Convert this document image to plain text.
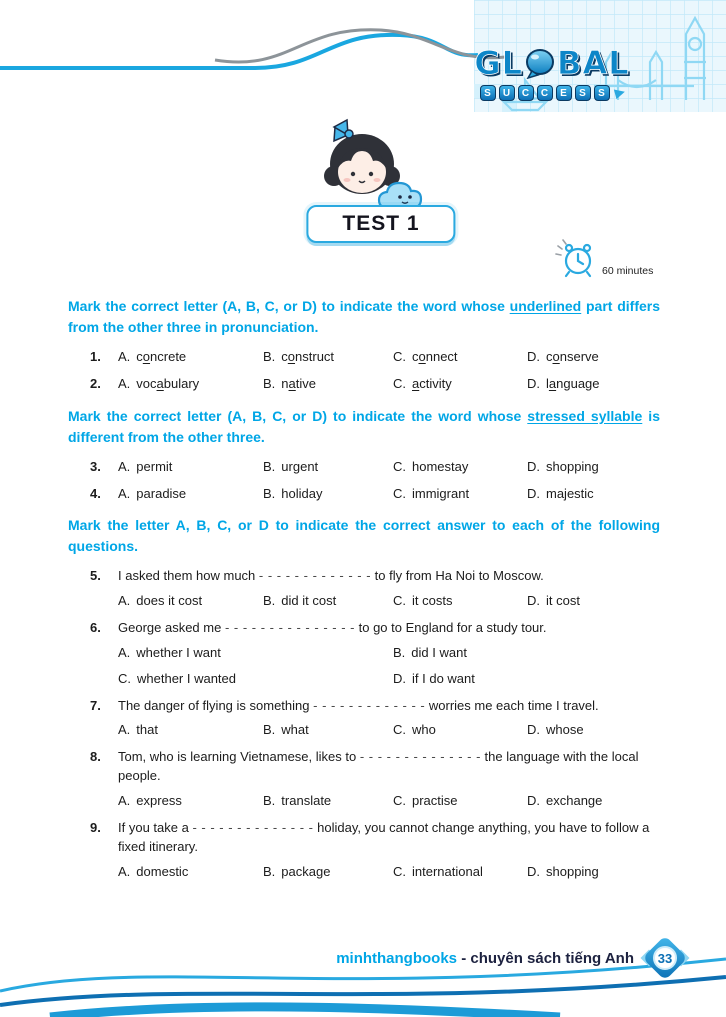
GL BAL
S	U	C	C	E	S	S
TEST 1
60 minutes

Mark the correct letter (A, B, C, or D) to indicate the word whose underlined part differs from the other three in pronunciation.

1.	A. concrete	B. construct	C. connect	D. conserve
2.	A. vocabulary	B. native	C. activity	D. language

Mark the correct letter (A, B, C, or D) to indicate the word whose stressed syllable is different from the other three.

3.	A. permit	B. urgent	C. homestay	D. shopping
4.	A. paradise	B. holiday	C. immigrant	D. majestic

Mark the letter A, B, C, or D to indicate the correct answer to each of the following questions.

5.	I asked them how much - - - - - - - - - - - - - to fly from Ha Noi to Moscow.

A. does it cost	B. did it cost	C. it costs	D. it cost
6.	George asked me - - - - - - - - - - - - - - - to go to England for a study tour.

A. whether I want	B. did I want
C. whether I wanted	D. if I do want
7.	The danger of flying is something - - - - - - - - - - - - - worries me each time I travel.

A. that	B. what	C. who	D. whose
8.	Tom, who is learning Vietnamese, likes to - - - - - - - - - - - - - - the language with the local people.

A. express	B. translate	C. practise	D. exchange
9.	If you take a - - - - - - - - - - - - - - holiday, you cannot change anything, you have to follow a fixed itinerary.

A. domestic	B. package	C. international	D. shopping
minhthangbooks - chuyên sách tiếng Anh 33
